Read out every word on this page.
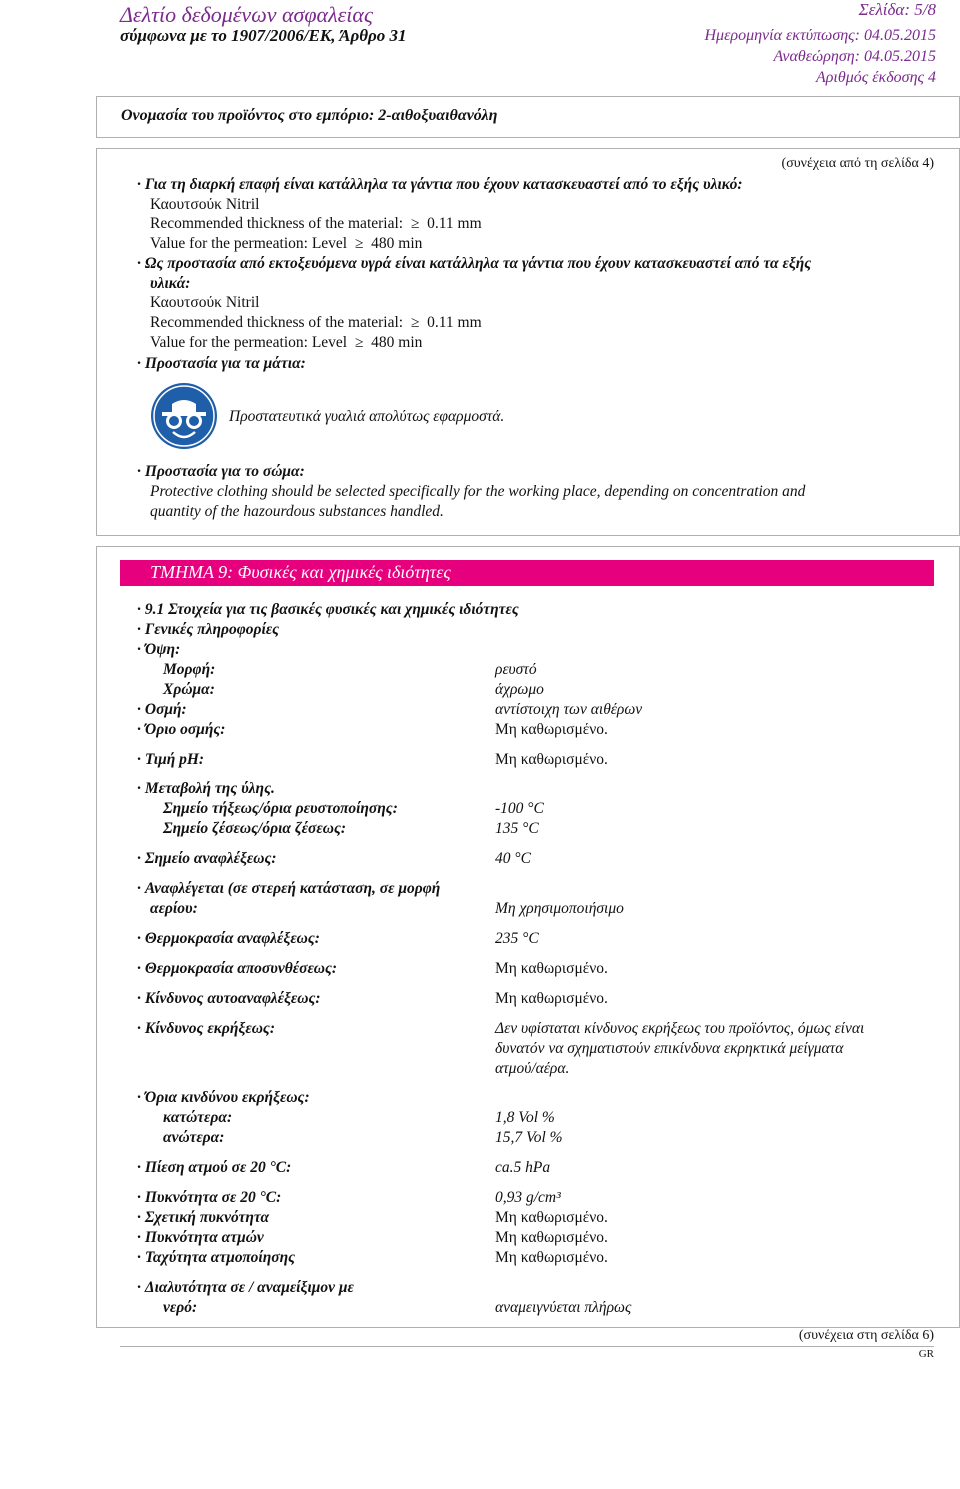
Δελτίο δεδομένων ασφαλείας
σύμφωνα με το 1907/2006/ΕΚ, Άρθρο 31
Σελίδα: 5/8
Ημερομηνία εκτύπωσης: 04.05.2015
Αναθεώρηση: 04.05.2015
Αριθμός έκδοσης 4
Ονομασία του προϊόντος στο εμπόριο: 2-αιθοξυαιθανόλη
(συνέχεια από τη σελίδα 4)
· Για τη διαρκή επαφή είναι κατάλληλα τα γάντια που έχουν κατασκευαστεί από το εξής υλικό:
Καουτσούκ Nitril
Recommended thickness of the material:  ≥  0.11 mm
Value for the permeation: Level  ≥  480 min
· Ως προστασία από εκτοξευόμενα υγρά είναι κατάλληλα τα γάντια που έχουν κατασκευαστεί από τα εξής
υλικά:
Καουτσούκ Nitril
Recommended thickness of the material:  ≥  0.11 mm
Value for the permeation: Level  ≥  480 min
· Προστασία για τα μάτια:
Προστατευτικά γυαλιά απολύτως εφαρμοστά.
· Προστασία για το σώμα:
Protective clothing should be selected specifically for the working place, depending on concentration and
quantity of the hazourdous substances handled.
ΤΜΗΜΑ 9: Φυσικές και χημικές ιδιότητες
· 9.1 Στοιχεία για τις βασικές φυσικές και χημικές ιδιότητες
· Γενικές πληροφορίες
· Όψη:
Μορφή:	ρευστό
Χρώμα:	άχρωμο
· Οσμή:	αντίστοιχη των αιθέρων
· Όριο οσμής:	Μη καθωρισμένο.
· Τιμή pH:	Μη καθωρισμένο.
· Μεταβολή της ύλης.
Σημείο τήξεως/όρια ρευστοποίησης:	-100 °C
Σημείο ζέσεως/όρια ζέσεως:	135 °C
· Σημείο αναφλέξεως:	40 °C
· Αναφλέγεται (σε στερεή κατάσταση, σε μορφή
αερίου:	Μη χρησιμοποιήσιμο
· Θερμοκρασία αναφλέξεως:	235 °C
· Θερμοκρασία αποσυνθέσεως:	Μη καθωρισμένο.
· Κίνδυνος αυτοαναφλέξεως:	Μη καθωρισμένο.
· Κίνδυνος εκρήξεως:	Δεν υφίσταται κίνδυνος εκρήξεως του προϊόντος, όμως είναι
δυνατόν να σχηματιστούν επικίνδυνα εκρηκτικά μείγματα
ατμού/αέρα.
· Όρια κινδύνου εκρήξεως:
κατώτερα:	1,8 Vol %
ανώτερα:	15,7 Vol %
· Πίεση ατμού σε 20 °C:	ca.5 hPa
· Πυκνότητα σε 20 °C:	0,93 g/cm³
· Σχετική πυκνότητα	Μη καθωρισμένο.
· Πυκνότητα ατμών	Μη καθωρισμένο.
· Ταχύτητα ατμοποίησης	Μη καθωρισμένο.
· Διαλυτότητα σε / αναμείξιμον με
νερό:	αναμειγνύεται πλήρως
(συνέχεια στη σελίδα 6)
GR
